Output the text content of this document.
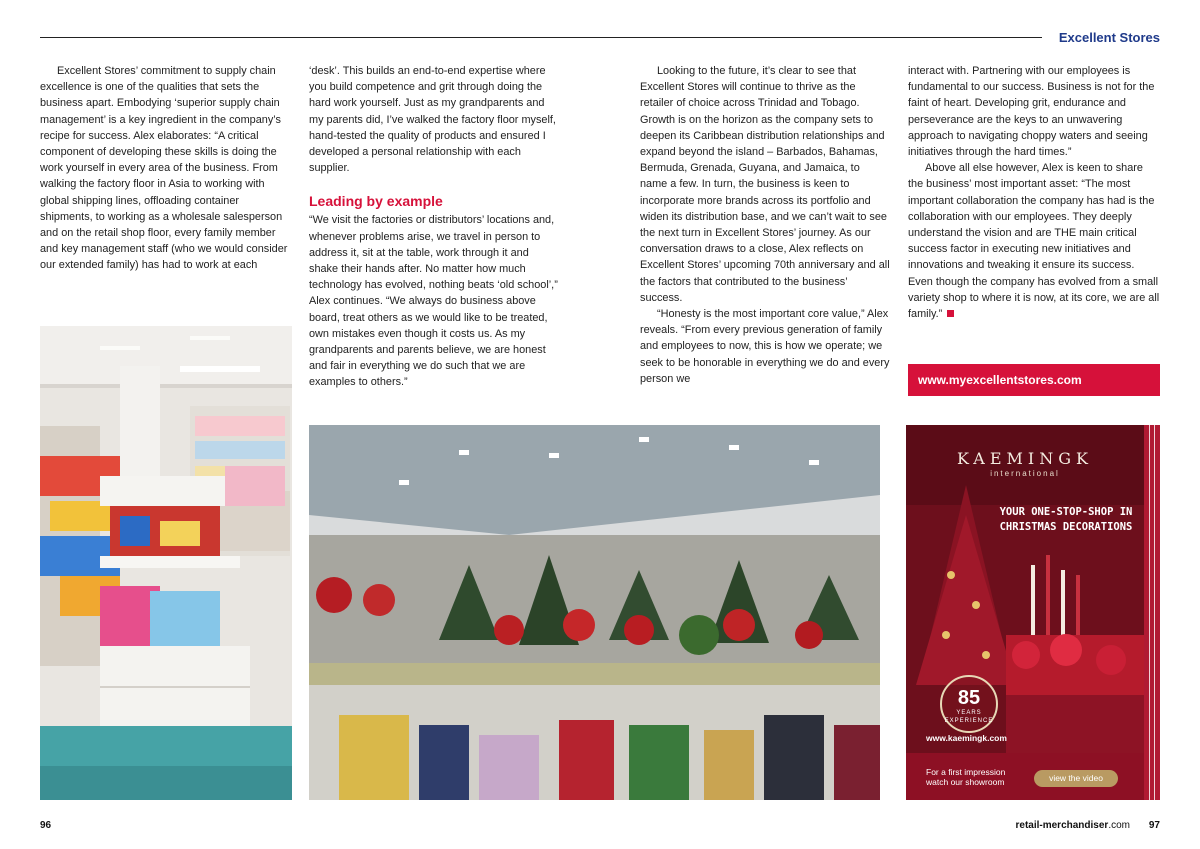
Excellent Stores

Excellent Stores’ commitment to supply chain excellence is one of the qualities that sets the business apart. Embodying ‘superior supply chain management’ is a key ingredient in the company’s recipe for success. Alex elaborates: “A critical component of developing these skills is doing the work yourself in every area of the business. From walking the factory floor in Asia to working with global shipping lines, offloading container shipments, to working as a wholesale salesperson and on the retail shop floor, every family member and key management staff (who we would consider our extended family) has had to work at each

‘desk’. This builds an end-to-end expertise where you build competence and grit through doing the hard work yourself. Just as my grandparents and my parents did, I’ve walked the factory floor myself, hand-tested the quality of products and ensured I developed a personal relationship with each supplier.

Leading by example

“We visit the factories or distributors’ locations and, whenever problems arise, we travel in person to address it, sit at the table, work through it and shake their hands after. No matter how much technology has evolved, nothing beats ‘old school’,” Alex continues. “We always do business above board, treat others as we would like to be treated, own mistakes even though it costs us. As my grandparents and parents believe, we are honest and fair in everything we do such that we are examples to others.”

Looking to the future, it’s clear to see that Excellent Stores will continue to thrive as the retailer of choice across Trinidad and Tobago. Growth is on the horizon as the company sets to deepen its Caribbean distribution relationships and expand beyond the island – Barbados, Bahamas, Bermuda, Grenada, Guyana, and Jamaica, to name a few. In turn, the business is keen to incorporate more brands across its portfolio and widen its distribution base, and we can’t wait to see the next turn in Excellent Stores’ journey. As our conversation draws to a close, Alex reflects on Excellent Stores’ upcoming 70th anniversary and all the factors that contributed to the business’ success.

“Honesty is the most important core value,” Alex reveals. “From every previous generation of family and employees to now, this is how we operate; we seek to be honorable in everything we do and every person we

interact with. Partnering with our employees is fundamental to our success. Business is not for the faint of heart. Developing grit, endurance and perseverance are the keys to an unwavering approach to navigating choppy waters and seeing initiatives through the hard times.”

Above all else however, Alex is keen to share the business’ most important asset: “The most important collaboration the company has had is the collaboration with our employees. They deeply understand the vision and are THE main critical success factor in executing new initiatives and innovations and tweaking it ensure its success. Even though the company has evolved from a small variety shop to where it is now, at its core, we are all family.”

www.myexcellentstores.com
KAEMINGK
international
YOUR ONE-STOP-SHOP IN CHRISTMAS DECORATIONS
85
YEARS EXPERIENCE
www.kaemingk.com
For a first impression watch our showroom	view the video
96	retail-merchandiser.com 97
